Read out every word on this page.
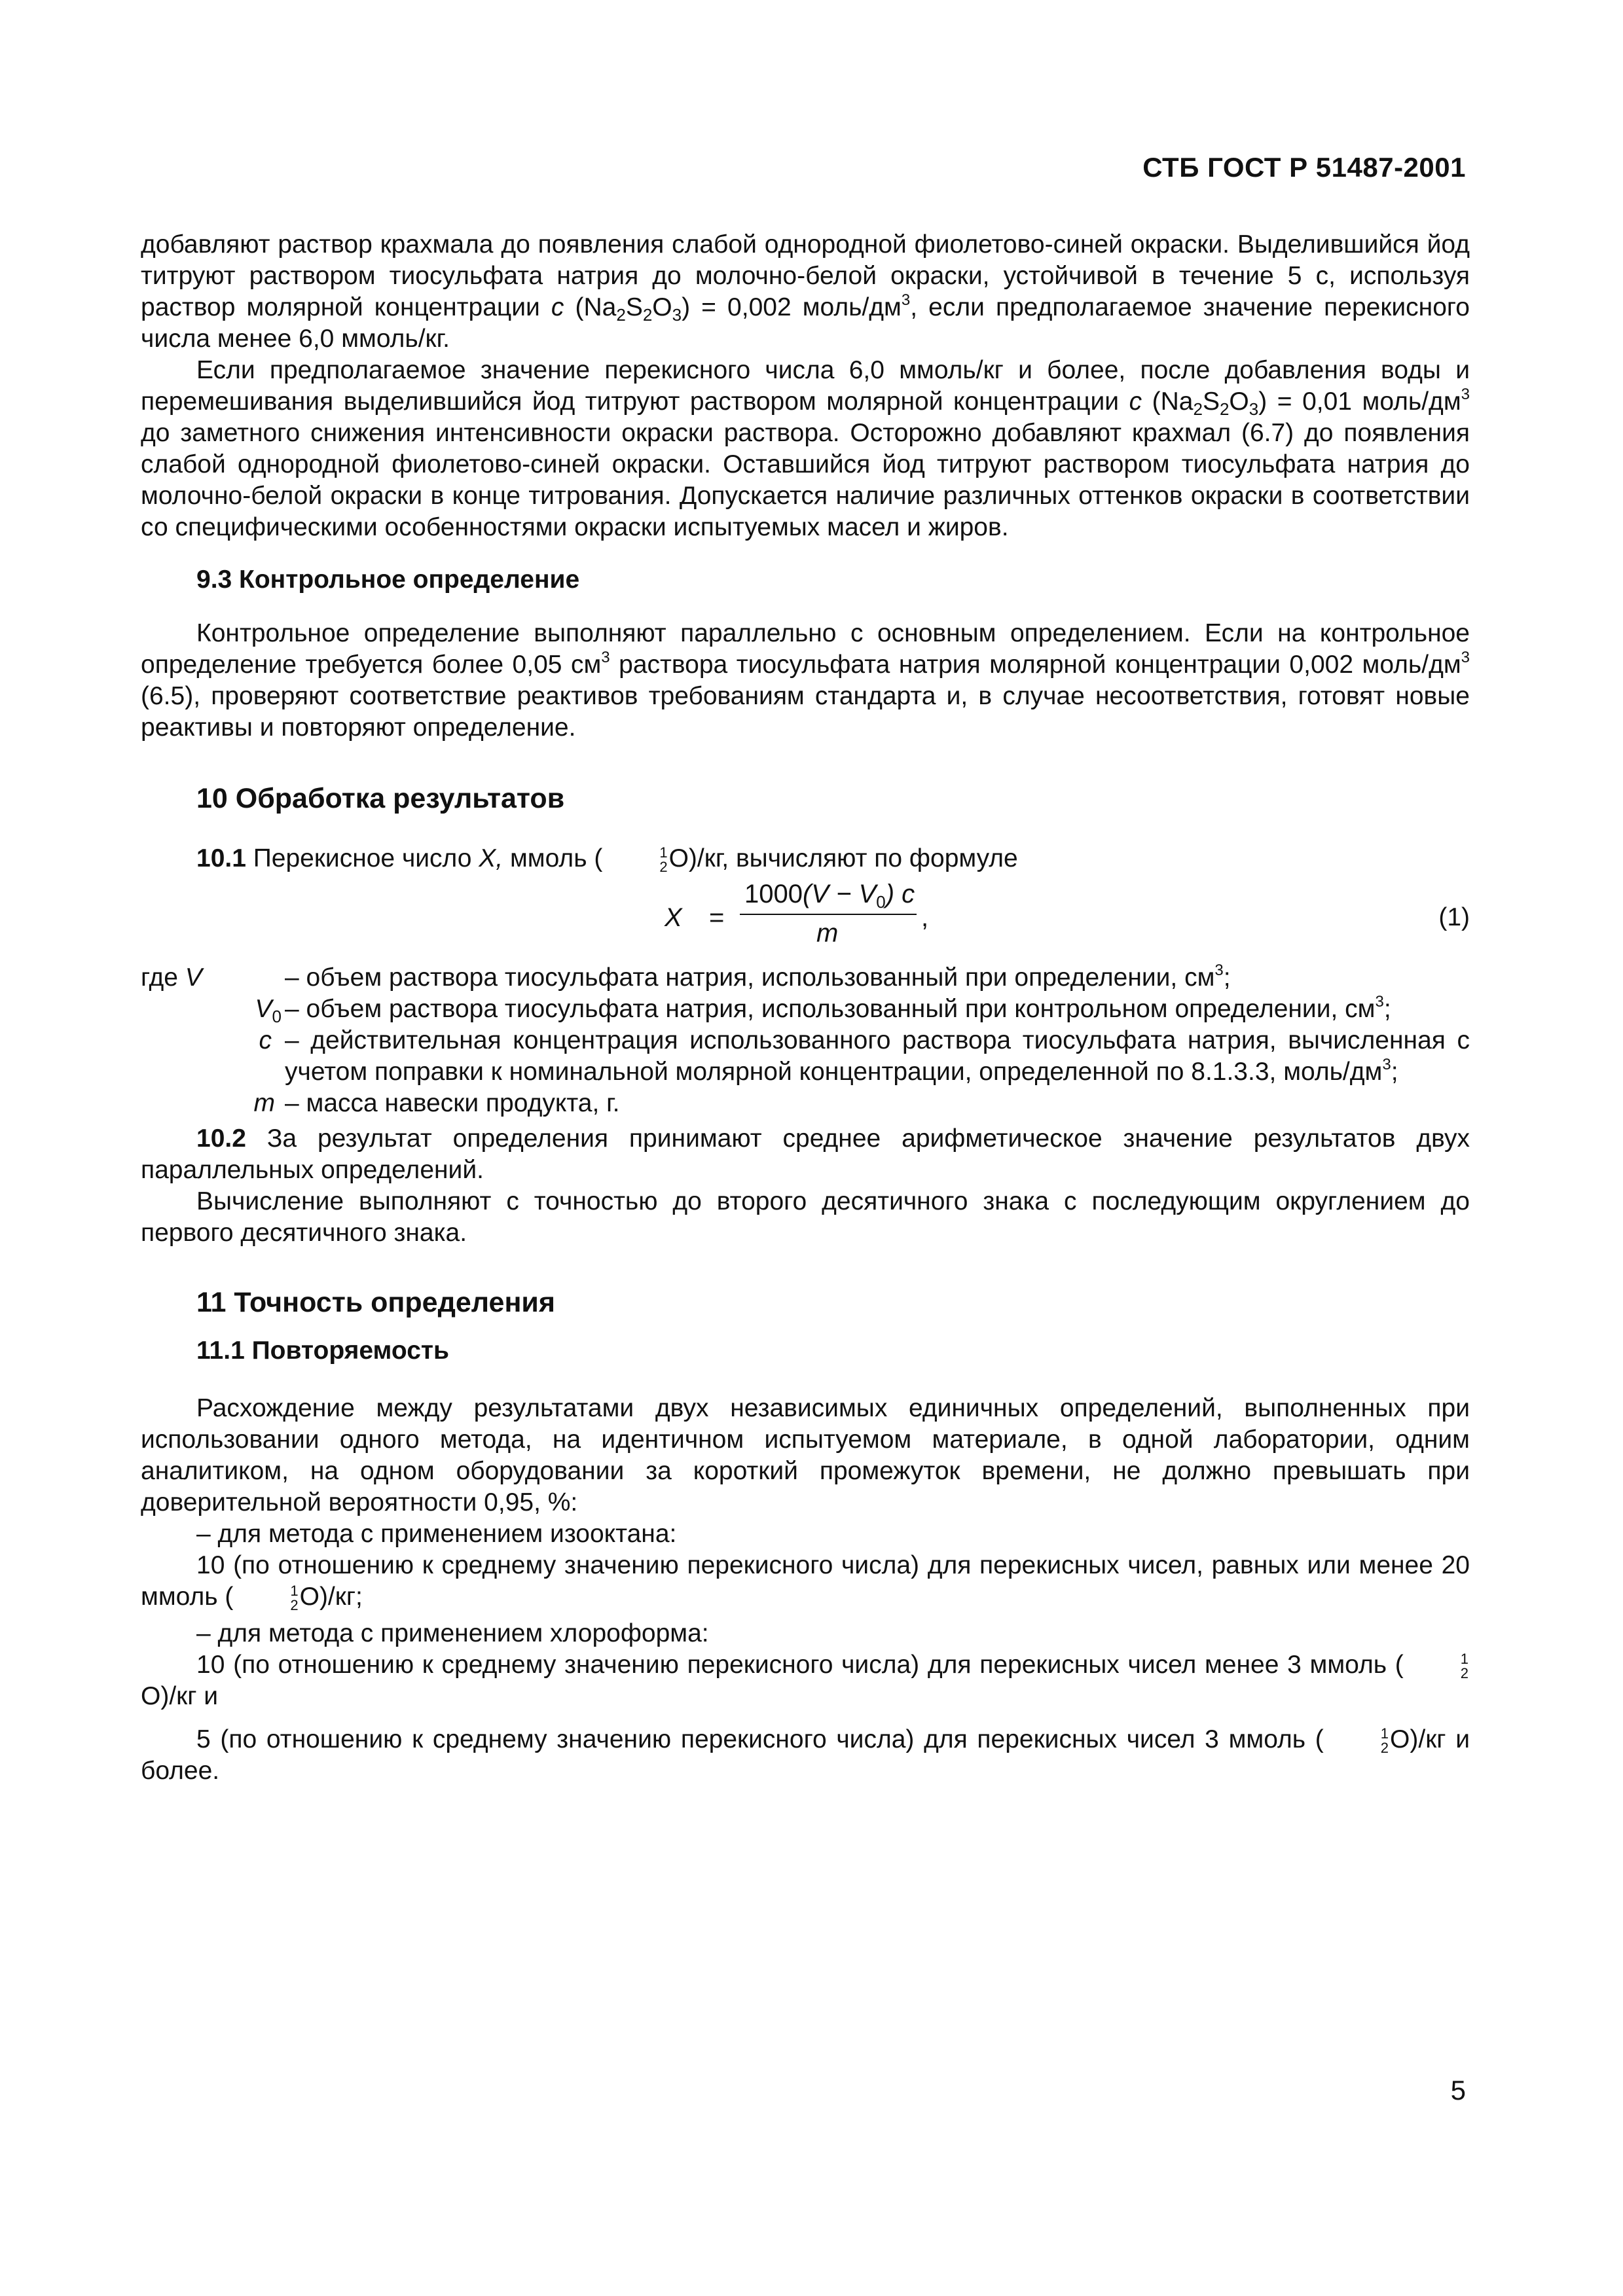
СТБ ГОСТ Р 51487-2001

добавляют раствор крахмала до появления слабой однородной фиолетово-синей окраски. Выделившийся йод титруют раствором тиосульфата натрия до молочно-белой окраски, устойчивой в течение 5 с, используя раствор молярной концентрации c $(Na_2S_2O_3) = 0,002$ моль/$дм^3$, если предполагаемое значение перекисного числа менее 6,0 ммоль/кг.

Если предполагаемое значение перекисного числа 6,0 ммоль/кг и более, после добавления воды и перемешивания выделившийся йод титруют раствором молярной концентрации c $(Na_2S_2O_3) = 0,01$ моль/$дм^3$ до заметного снижения интенсивности окраски раствора. Осторожно добавляют крахмал (6.7) до появления слабой однородной фиолетово-синей окраски. Оставшийся йод титруют раствором тиосульфата натрия до молочно-белой окраски в конце титрования. Допускается наличие различных оттенков окраски в соответствии со специфическими особенностями окраски испытуемых масел и жиров.

9.3 Контрольное определение

Контрольное определение выполняют параллельно с основным определением. Если на контрольное определение требуется более 0,05 $см^3$ раствора тиосульфата натрия молярной концентрации 0,002 моль/$дм^3$ (6.5), проверяют соответствие реактивов требованиям стандарта и, в случае несоответствия, готовят новые реактивы и повторяют определение.

10 Обработка результатов

10.1 Перекисное число X, ммоль (	1
2 O)/кг, вычисляют по формуле

X =
$1000(V - V_0)$ c
m
,	(1)
где V	– объем раствора тиосульфата натрия, использованный при определении, $см^3$;
$V_0$ – объем раствора тиосульфата натрия, использованный при контрольном определении, $см^3$;
c – действительная концентрация использованного раствора тиосульфата натрия, вычисленная с учетом поправки к номинальной молярной концентрации, определенной по 8.1.3.3, моль/$дм^3$;
m – масса навески продукта, г.

10.2 За результат определения принимают среднее арифметическое значение результатов двух параллельных определений.

Вычисление выполняют с точностью до второго десятичного знака с последующим округлением до первого десятичного знака.

11 Точность определения
11.1 Повторяемость

Расхождение между результатами двух независимых единичных определений, выполненных при использовании одного метода, на идентичном испытуемом материале, в одной лаборатории, одним аналитиком, на одном оборудовании за короткий промежуток времени, не должно превышать при доверительной вероятности 0,95, %:

– для метода с применением изооктана:

10 (по отношению к среднему значению перекисного числа) для перекисных чисел, равных или менее 20 ммоль (	1
2 O)/кг;

– для метода с применением хлороформа:

10 (по отношению к среднему значению перекисного числа) для перекисных чисел менее 3 ммоль (	1
2
O)/кг и

5 (по отношению к среднему значению перекисного числа) для перекисных чисел 3 ммоль (	1
2 O)/кг и более.

5
